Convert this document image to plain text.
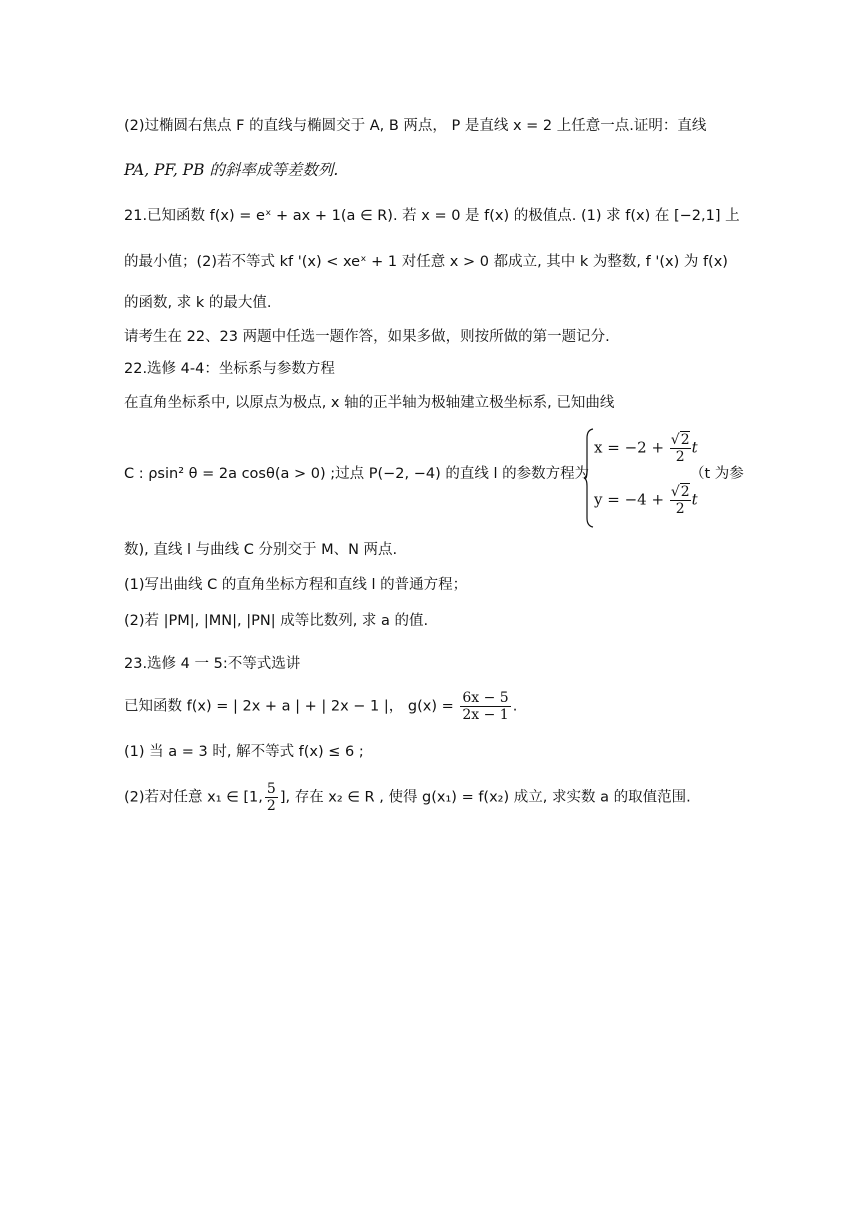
(2)过椭圆右焦点 F 的直线与椭圆交于 A, B 两点， P 是直线 x = 2 上任意一点.证明：直线
PA, PF, PB 的斜率成等差数列.
21.已知函数 f(x) = eˣ + ax + 1(a ∈ R). 若 x = 0 是 f(x) 的极值点. (1) 求 f(x) 在 [−2,1] 上
的最小值；(2)若不等式 kf '(x) < xeˣ + 1 对任意 x > 0 都成立, 其中 k 为整数, f '(x) 为 f(x)
的函数, 求 k 的最大值.
请考生在 22、23 两题中任选一题作答，如果多做，则按所做的第一题记分.
22.选修 4-4：坐标系与参数方程
在直角坐标系中, 以原点为极点, x 轴的正半轴为极轴建立极坐标系, 已知曲线
C : ρsin² θ = 2a cosθ(a > 0) ;过点 P(−2, −4) 的直线 l 的参数方程为
$x = -2 + \frac{√2}{2}$ t
$y = -4 + \frac{√2}{2}$ t
（t 为参
数), 直线 l 与曲线 C 分别交于 M、N 两点.
(1)写出曲线 C 的直角坐标方程和直线 l 的普通方程；
(2)若 |PM|, |MN|, |PN| 成等比数列, 求 a 的值.
23.选修 4 一 5:不等式选讲
已知函数 f(x) = | 2x + a | + | 2x − 1 |， $g(x) = \frac{6x - 5}{2x - 1}$ .
(1) 当 a = 3 时, 解不等式 f(x) ≤ 6 ;
(2)若对任意 x₁ ∈ [1, $\frac{5}{2}$ ], 存在 x₂ ∈ R , 使得 g(x₁) = f(x₂) 成立, 求实数 a 的取值范围.
